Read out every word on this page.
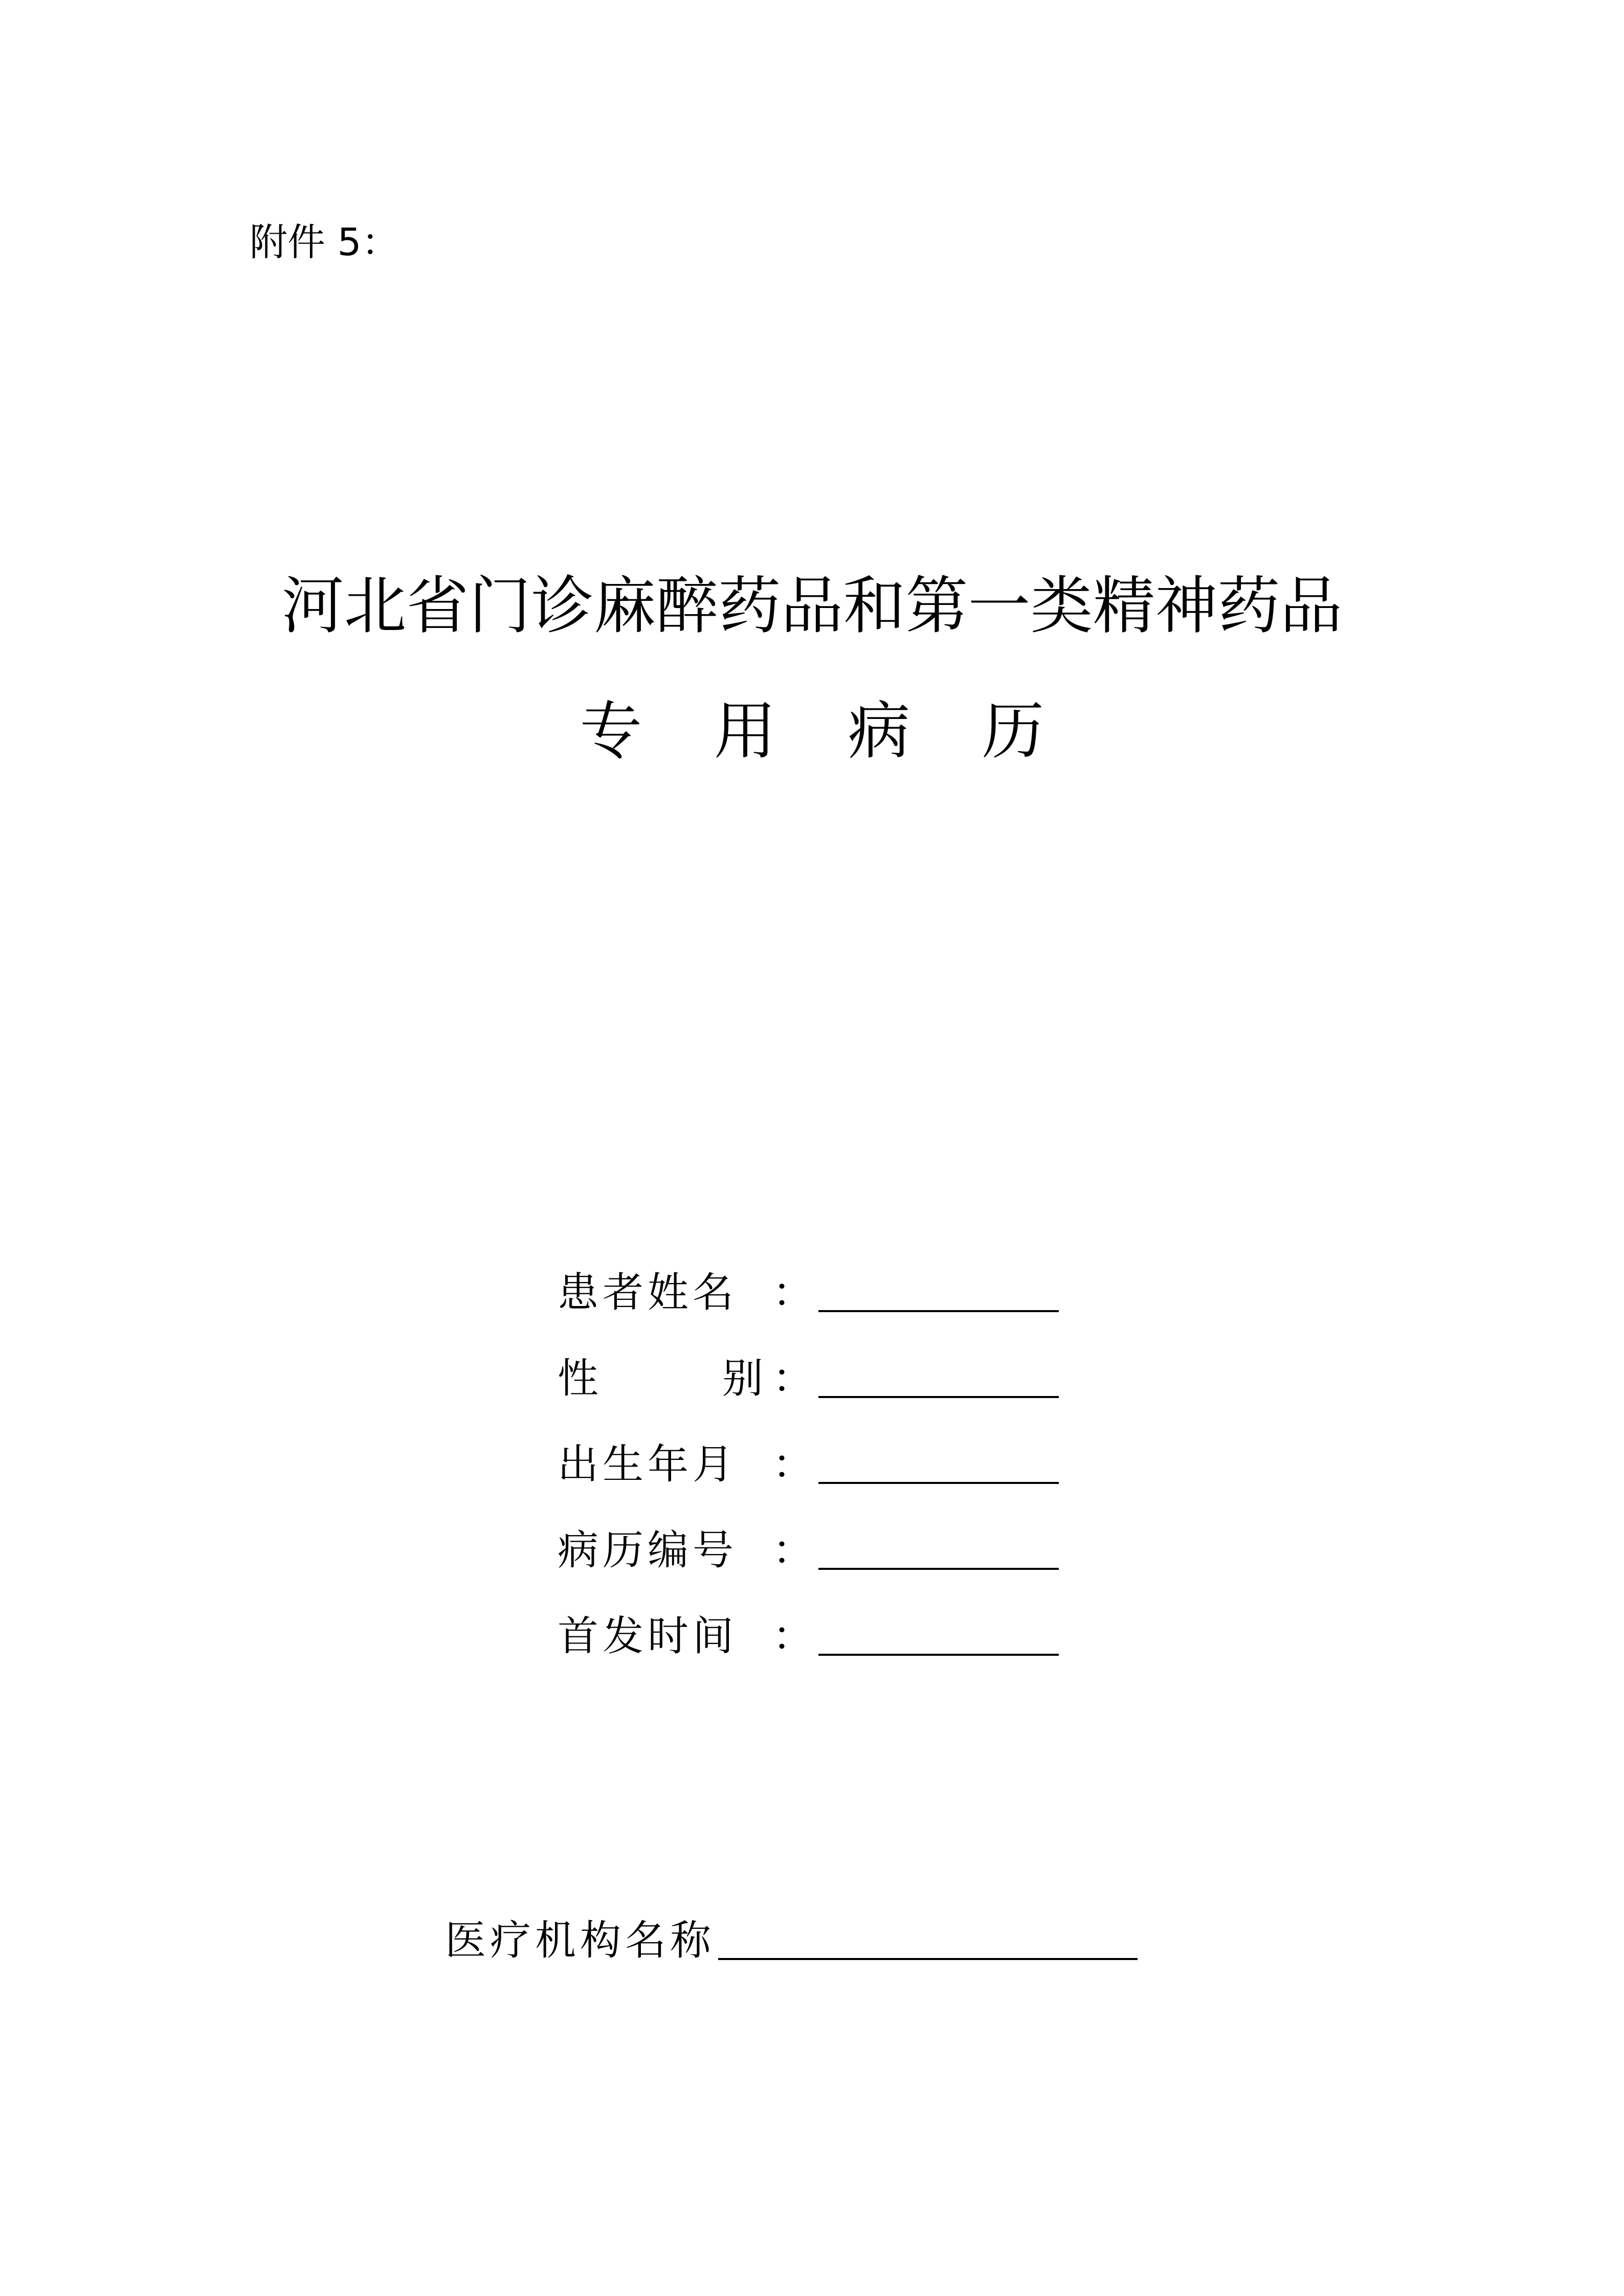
附件 5：
河北省门诊麻醉药品和第一类精神药品
专 用 病 历
患者姓名 ：
性	别 ：
出生年月 ：
病历编号 ：
首发时间 ：
医疗机构名称
